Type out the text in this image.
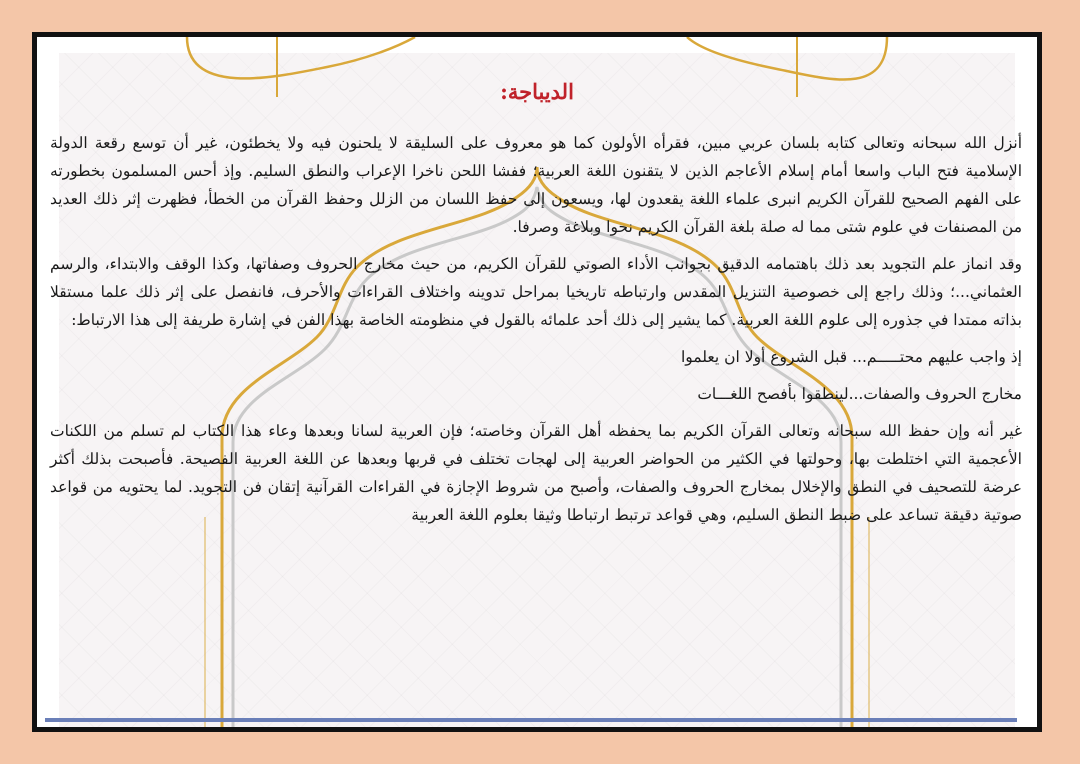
الديباجة:

أنزل الله سبحانه وتعالى كتابه بلسان عربي مبين، فقرأه الأولون كما هو معروف على السليقة لا يلحنون فيه ولا يخطئون، غير أن توسع رقعة الدولة الإسلامية فتح الباب واسعا أمام إسلام الأعاجم الذين لا يتقنون اللغة العربية؛ ففشا اللحن ناخرا الإعراب والنطق السليم. وإذ أحس المسلمون بخطورته على الفهم الصحيح للقرآن الكريم انبرى علماء اللغة يقعدون لها، ويسعون إلى حفظ اللسان من الزلل وحفظ القرآن من الخطأ، فظهرت إثر ذلك العديد من المصنفات في علوم شتى مما له صلة بلغة القرآن الكريم نحوا وبلاغة وصرفا.

وقد انماز علم التجويد بعد ذلك باهتمامه الدقيق بجوانب الأداء الصوتي للقرآن الكريم، من حيث مخارج الحروف وصفاتها، وكذا الوقف والابتداء، والرسم العثماني...؛ وذلك راجع إلى خصوصية التنزيل المقدس وارتباطه تاريخيا بمراحل تدوينه واختلاف القراءات والأحرف، فانفصل على إثر ذلك علما مستقلا بذاته ممتدا في جذوره إلى علوم اللغة العربية. كما يشير إلى ذلك أحد علمائه بالقول في منظومته الخاصة بهذا الفن في إشارة طريفة إلى هذا الارتباط:

إذ واجب عليهم محتـــــم... قبل الشروع أولا ان يعلموا

مخارج الحروف والصفات...لينطقوا بأفصح اللغـــات

غير أنه وإن حفظ الله سبحانه وتعالى القرآن الكريم بما يحفظه أهل القرآن وخاصته؛ فإن العربية لسانا وبعدها وعاء هذا الكتاب لم تسلم من اللكنات الأعجمية التي اختلطت بها، وحولتها في الكثير من الحواضر العربية إلى لهجات تختلف في قربها وبعدها عن اللغة العربية الفصيحة. فأصبحت بذلك أكثر عرضة للتصحيف في النطق والإخلال بمخارج الحروف والصفات، وأصبح من شروط الإجازة في القراءات القرآنية إتقان فن التجويد. لما يحتويه من قواعد صوتية دقيقة تساعد على ضبط النطق السليم، وهي قواعد ترتبط ارتباطا وثيقا بعلوم اللغة العربية
